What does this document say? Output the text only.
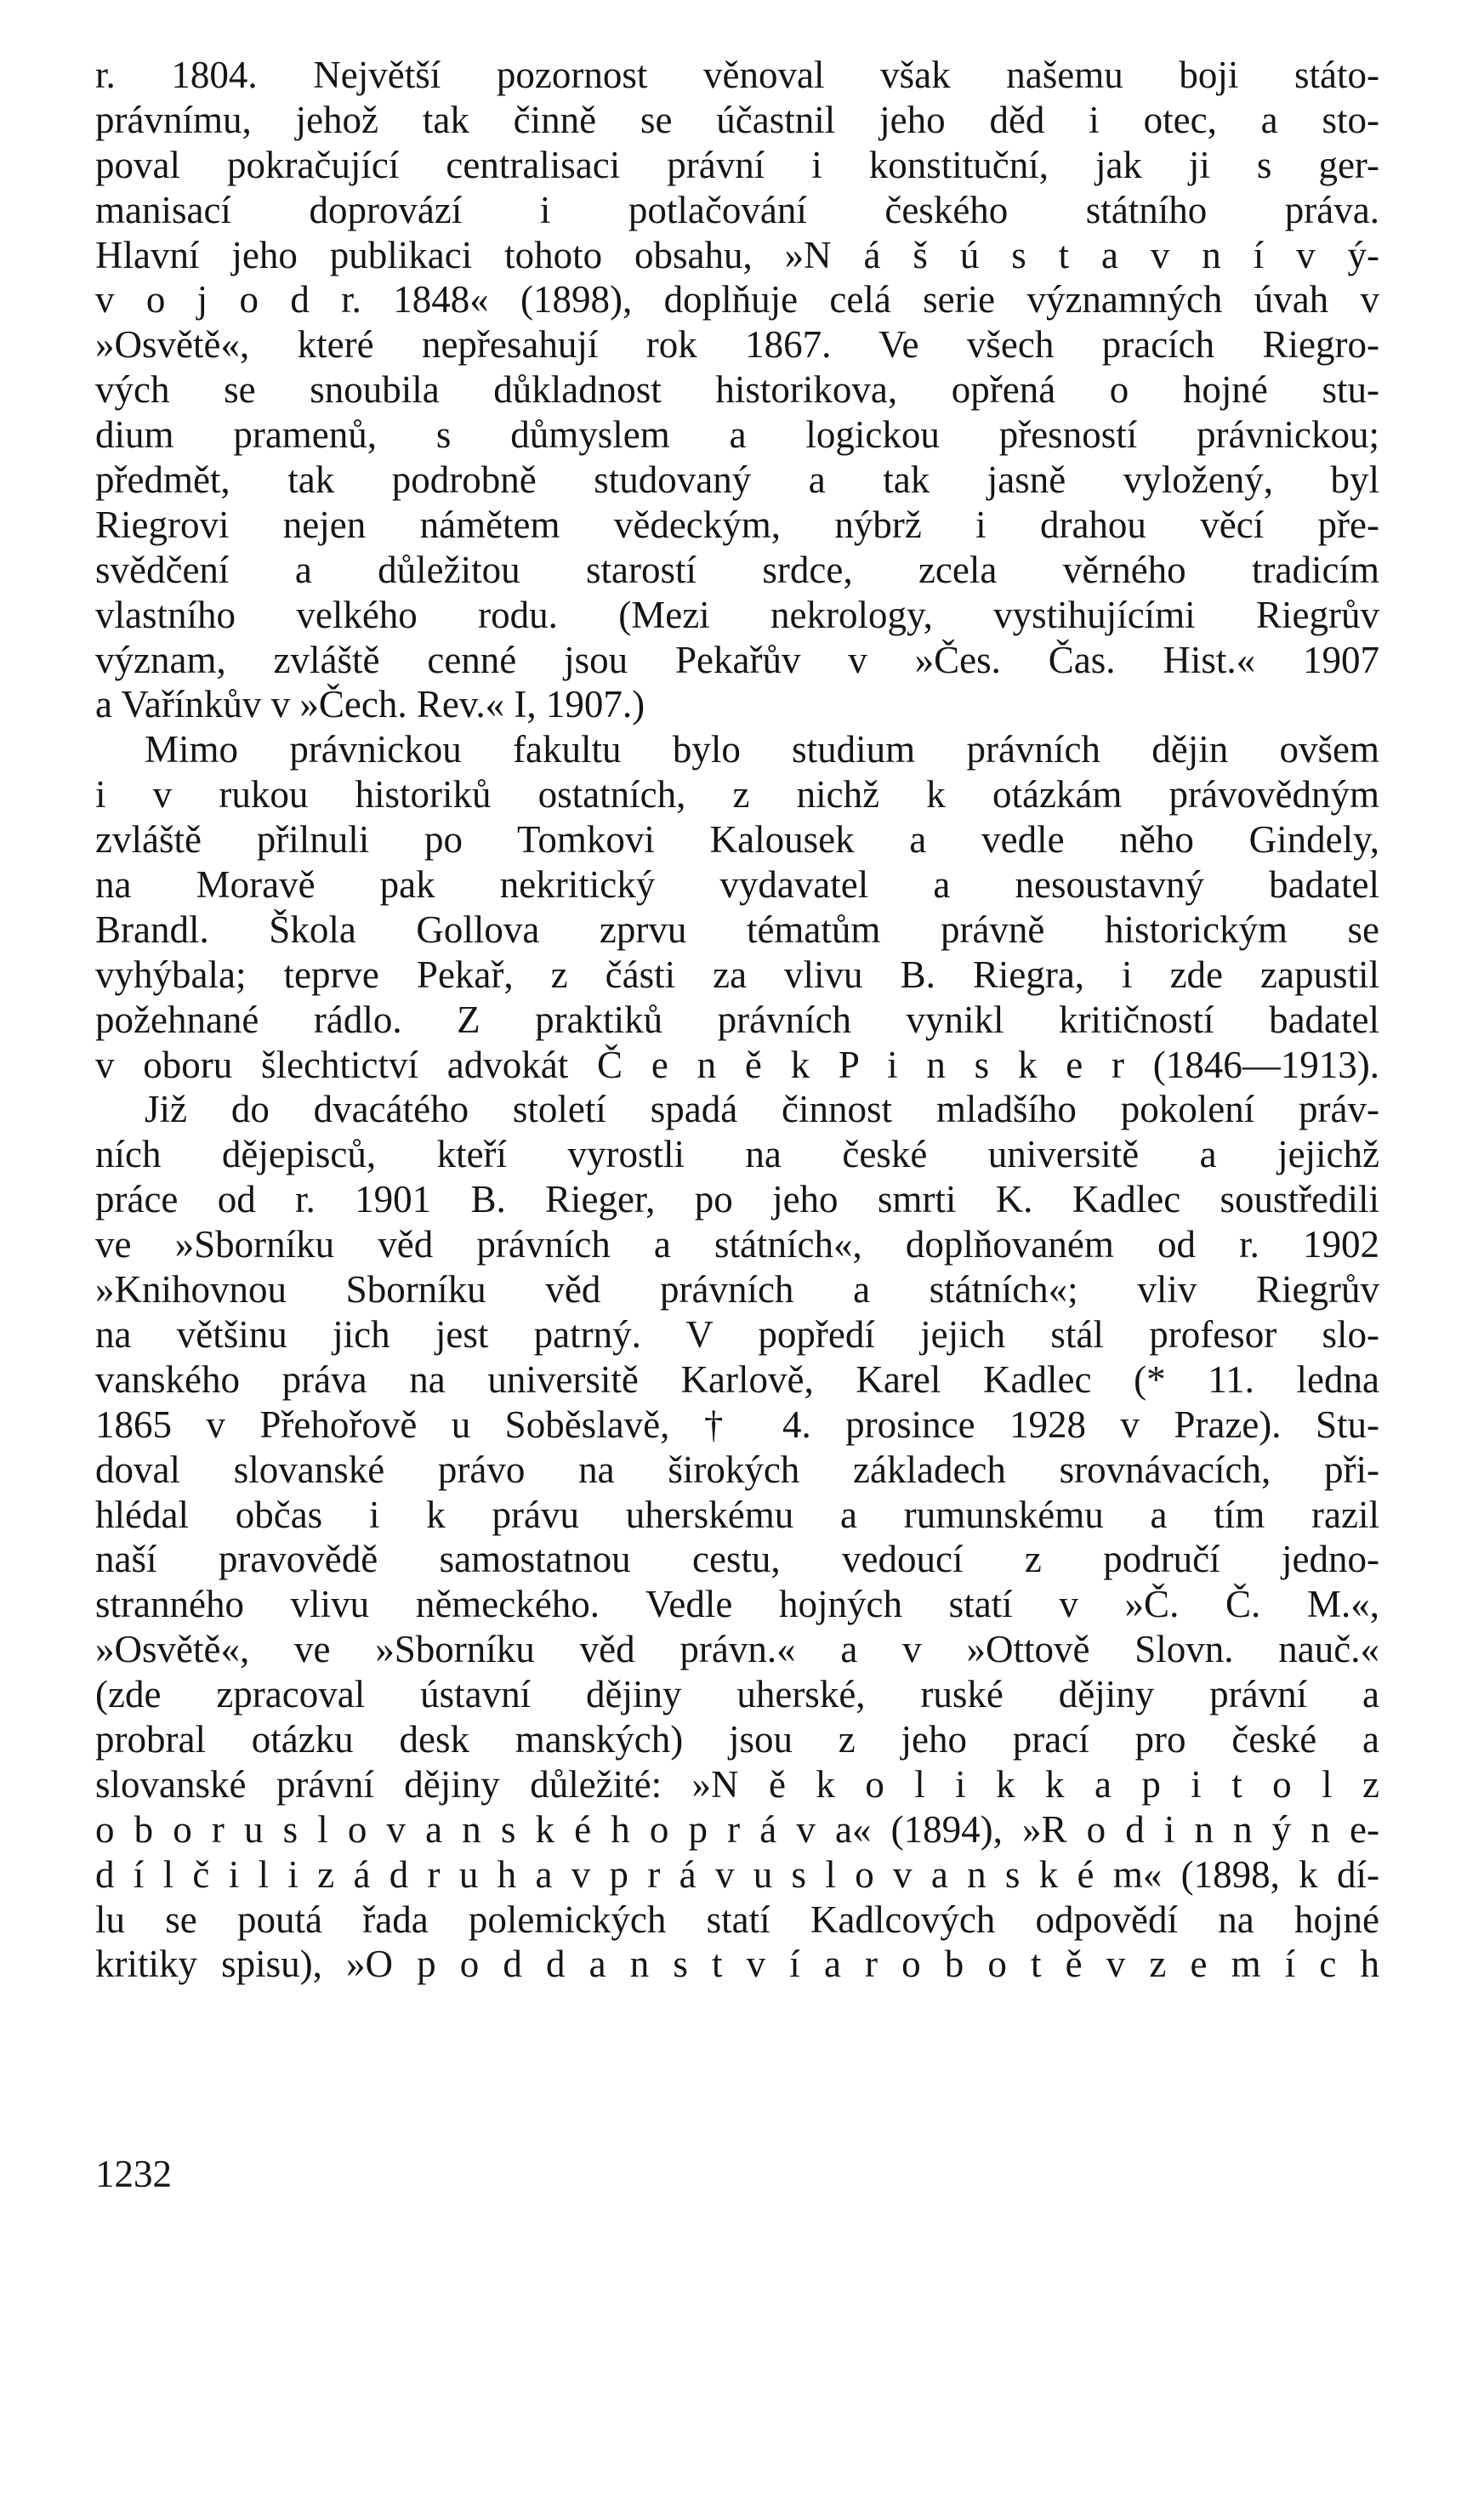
r. 1804. Největší pozornost věnoval však našemu boji státo-
právnímu, jehož tak činně se účastnil jeho děd i otec, a sto-
poval pokračující centralisaci právní i konstituční, jak ji s ger-
manisací doprovází i potlačování českého státního práva.
Hlavní jeho publikaci tohoto obsahu, »N á š ú s t a v n í v ý-
v o j o d r. 1848« (1898), doplňuje celá serie významných úvah v
»Osvětě«, které nepřesahují rok 1867. Ve všech pracích Riegro-
vých se snoubila důkladnost historikova, opřená o hojné stu-
dium pramenů, s důmyslem a logickou přesností právnickou;
předmět, tak podrobně studovaný a tak jasně vyložený, byl
Riegrovi nejen námětem vědeckým, nýbrž i drahou věcí pře-
svědčení a důležitou starostí srdce, zcela věrného tradicím
vlastního velkého rodu. (Mezi nekrology, vystihujícími Riegrův
význam, zvláště cenné jsou Pekařův v »Čes. Čas. Hist.« 1907
a Vařínkův v »Čech. Rev.« I, 1907.)
Mimo právnickou fakultu bylo studium právních dějin ovšem
i v rukou historiků ostatních, z nichž k otázkám právovědným
zvláště přilnuli po Tomkovi Kalousek a vedle něho Gindely,
na Moravě pak nekritický vydavatel a nesoustavný badatel
Brandl. Škola Gollova zprvu tématům právně historickým se
vyhýbala; teprve Pekař, z části za vlivu B. Riegra, i zde zapustil
požehnané rádlo. Z praktiků právních vynikl kritičností badatel
v oboru šlechtictví advokát Č e n ě k P i n s k e r (1846—1913).
Již do dvacátého století spadá činnost mladšího pokolení práv-
ních dějepisců, kteří vyrostli na české universitě a jejichž
práce od r. 1901 B. Rieger, po jeho smrti K. Kadlec soustředili
ve »Sborníku věd právních a státních«, doplňovaném od r. 1902
»Knihovnou Sborníku věd právních a státních«; vliv Riegrův
na většinu jich jest patrný. V popředí jejich stál profesor slo-
vanského práva na universitě Karlově, Karel Kadlec (* 11. ledna
1865 v Přehořově u Soběslavě, † 4. prosince 1928 v Praze). Stu-
doval slovanské právo na širokých základech srovnávacích, při-
hlédal občas i k právu uherskému a rumunskému a tím razil
naší pravovědě samostatnou cestu, vedoucí z područí jedno-
stranného vlivu německého. Vedle hojných statí v »Č. Č. M.«,
»Osvětě«, ve »Sborníku věd právn.« a v »Ottově Slovn. nauč.«
(zde zpracoval ústavní dějiny uherské, ruské dějiny právní a
probral otázku desk manských) jsou z jeho prací pro české a
slovanské právní dějiny důležité: »N ě k o l i k k a p i t o l z
o b o r u s l o v a n s k é h o p r á v a« (1894), »R o d i n n ý n e-
d í l č i l i z á d r u h a v p r á v u s l o v a n s k é m« (1898, k dí-
lu se poutá řada polemických statí Kadlcových odpovědí na hojné
kritiky spisu), »O p o d d a n s t v í a r o b o t ě v z e m í c h
1232
